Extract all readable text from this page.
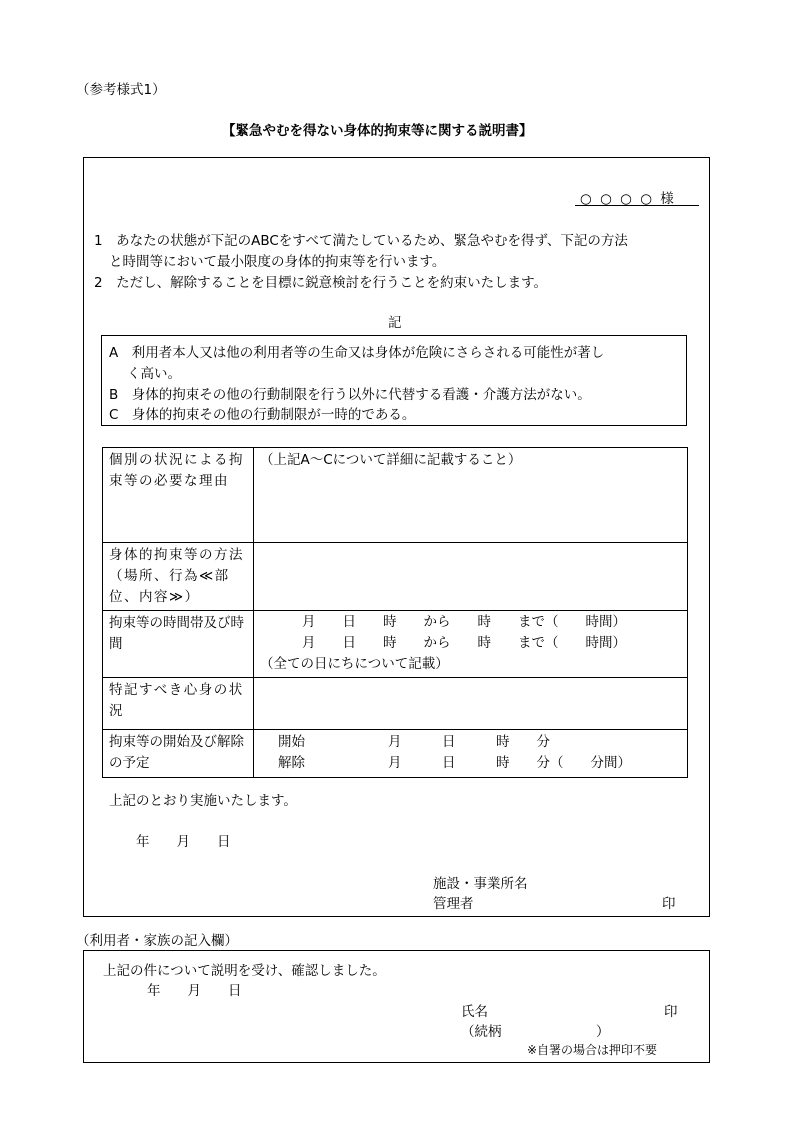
（参考様式1）
【緊急やむを得ない身体的拘束等に関する説明書】
○ ○ ○ ○ 様
1　あなたの状態が下記のABCをすべて満たしているため、緊急やむを得ず、下記の方法
と時間等において最小限度の身体的拘束等を行います。
2　ただし、解除することを目標に鋭意検討を行うことを約束いたします。
記
A　利用者本人又は他の利用者等の生命又は身体が危険にさらされる可能性が著し
く高い。
B　身体的拘束その他の行動制限を行う以外に代替する看護・介護方法がない。
C　身体的拘束その他の行動制限が一時的である。
個別の状況による拘束等の必要な理由	（上記A～Cについて詳細に記載すること）
身体的拘束等の方法（場所、行為≪部位、内容≫）	
拘束等の時間帯及び時間	月　　日　　時　　から　　時　　まで（　　時間）
月　　日　　時　　から　　時　　まで（　　時間）
（全ての日にちについて記載）

特記すべき心身の状況	
拘束等の開始及び解除の予定	開始 月　　　日　　　時　　分
解除 月　　　日　　　時　　分（　　分間）
上記のとおり実施いたします。
年　　月　　日
施設・事業所名
管理者	印
（利用者・家族の記入欄）
上記の件について説明を受け、確認しました。
年　　月　　日
氏名	印
（続柄	）
※自署の場合は押印不要
